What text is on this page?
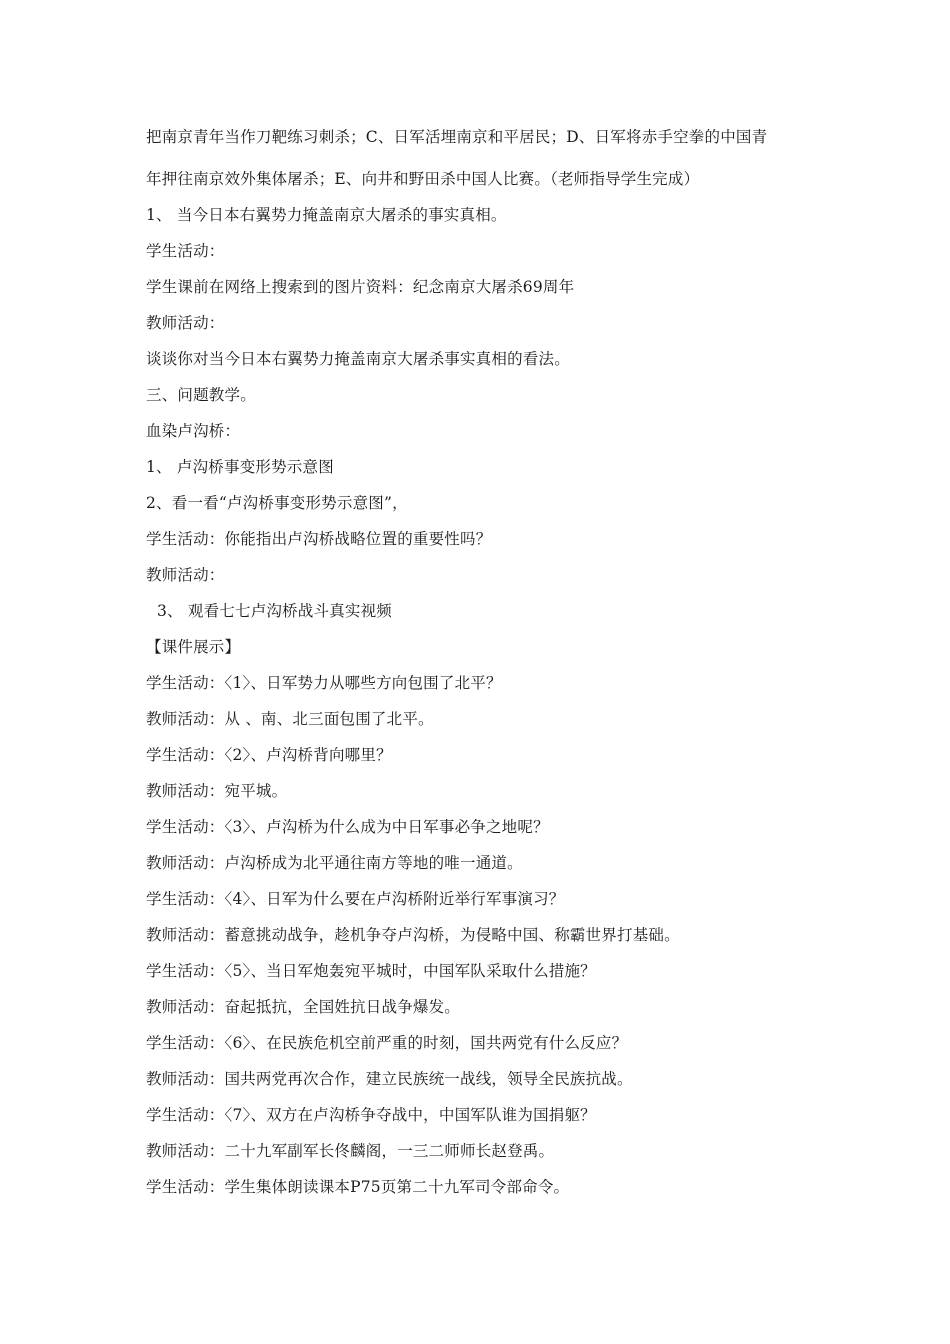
把南京青年当作刀靶练习刺杀；C、日军活埋南京和平居民；D、日军将赤手空拳的中国青
年押往南京效外集体屠杀；E、向井和野田杀中国人比赛。（老师指导学生完成）
1、 当今日本右翼势力掩盖南京大屠杀的事实真相。
学生活动：
学生课前在网络上搜索到的图片资料：纪念南京大屠杀69周年
教师活动：
谈谈你对当今日本右翼势力掩盖南京大屠杀事实真相的看法。
三、问题教学。
血染卢沟桥：
1、 卢沟桥事变形势示意图
2、看一看“卢沟桥事变形势示意图”，
学生活动：你能指出卢沟桥战略位置的重要性吗？
教师活动：
3、 观看七七卢沟桥战斗真实视频
【课件展示】
学生活动：〈1〉、日军势力从哪些方向包围了北平？
教师活动：从 、南、北三面包围了北平。
学生活动：〈2〉、卢沟桥背向哪里？
教师活动：宛平城。
学生活动：〈3〉、卢沟桥为什么成为中日军事必争之地呢？
教师活动：卢沟桥成为北平通往南方等地的唯一通道。
学生活动：〈4〉、日军为什么要在卢沟桥附近举行军事演习？
教师活动：蓄意挑动战争，趁机争夺卢沟桥，为侵略中国、称霸世界打基础。
学生活动：〈5〉、当日军炮轰宛平城时，中国军队采取什么措施？
教师活动：奋起抵抗，全国姓抗日战争爆发。
学生活动：〈6〉、在民族危机空前严重的时刻，国共两党有什么反应？
教师活动：国共两党再次合作，建立民族统一战线，领导全民族抗战。
学生活动：〈7〉、双方在卢沟桥争夺战中，中国军队谁为国捐躯？
教师活动：二十九军副军长佟麟阁，一三二师师长赵登禹。
学生活动：学生集体朗读课本P75页第二十九军司令部命令。
